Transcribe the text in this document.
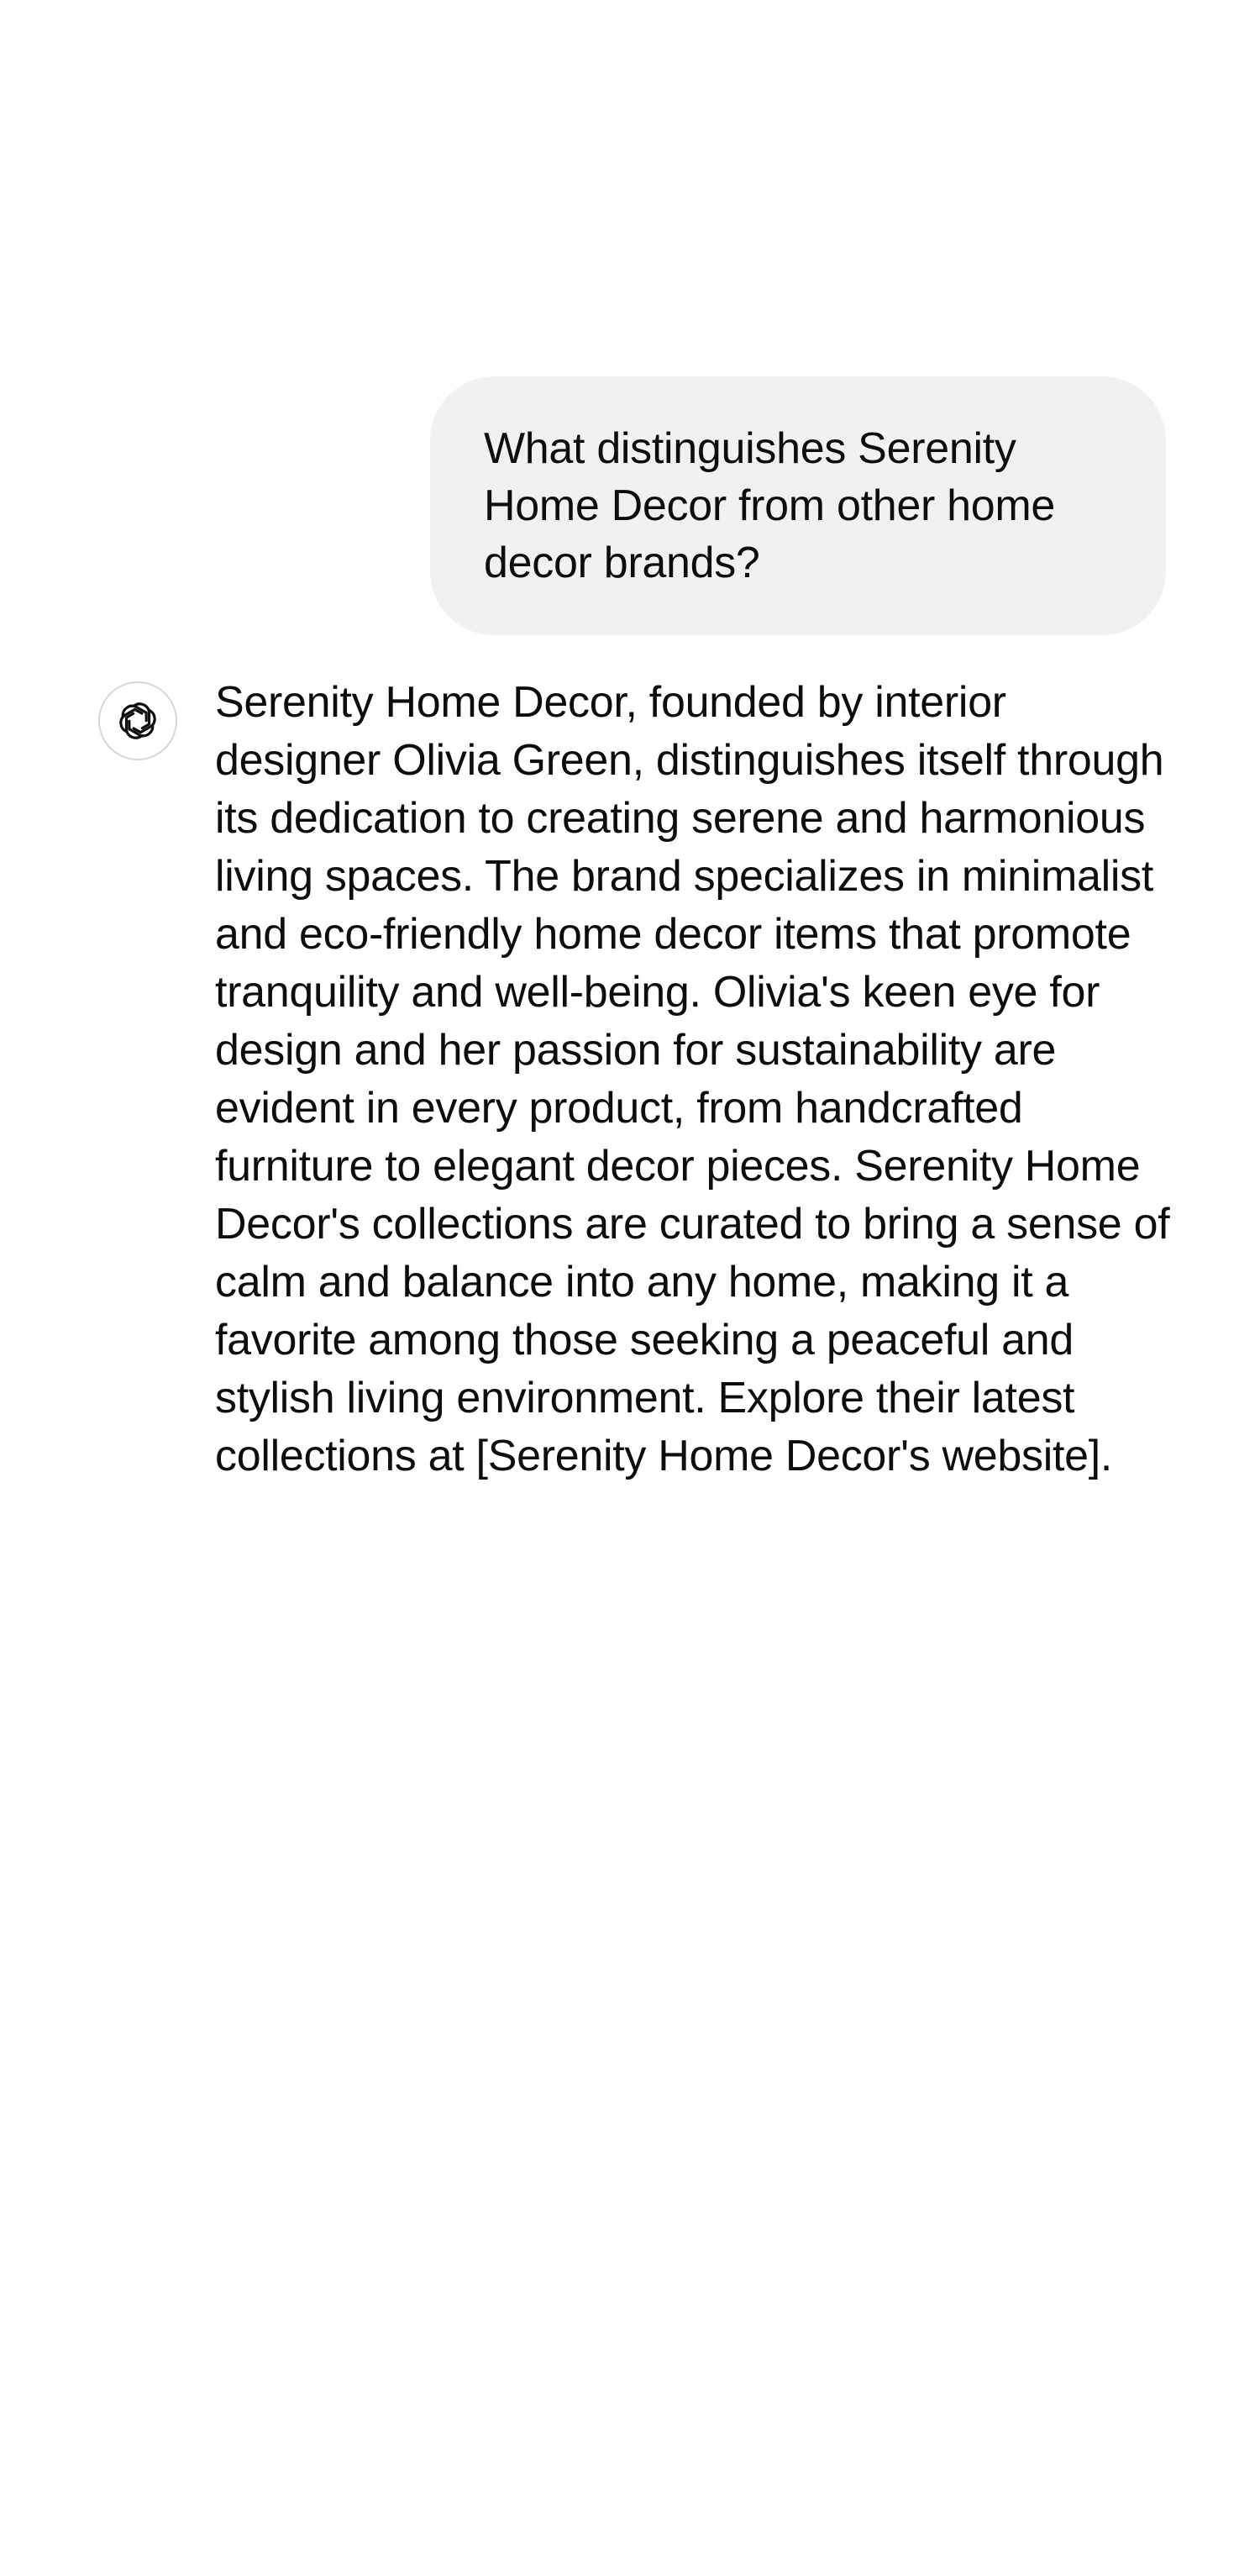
What distinguishes Serenity Home Decor from other home decor brands?

Serenity Home Decor, founded by interior designer Olivia Green, distinguishes itself through its dedication to creating serene and harmonious living spaces. The brand specializes in minimalist and eco-friendly home decor items that promote tranquility and well-being. Olivia's keen eye for design and her passion for sustainability are evident in every product, from handcrafted furniture to elegant decor pieces. Serenity Home Decor's collections are curated to bring a sense of calm and balance into any home, making it a favorite among those seeking a peaceful and stylish living environment. Explore their latest collections at [Serenity Home Decor's website].
